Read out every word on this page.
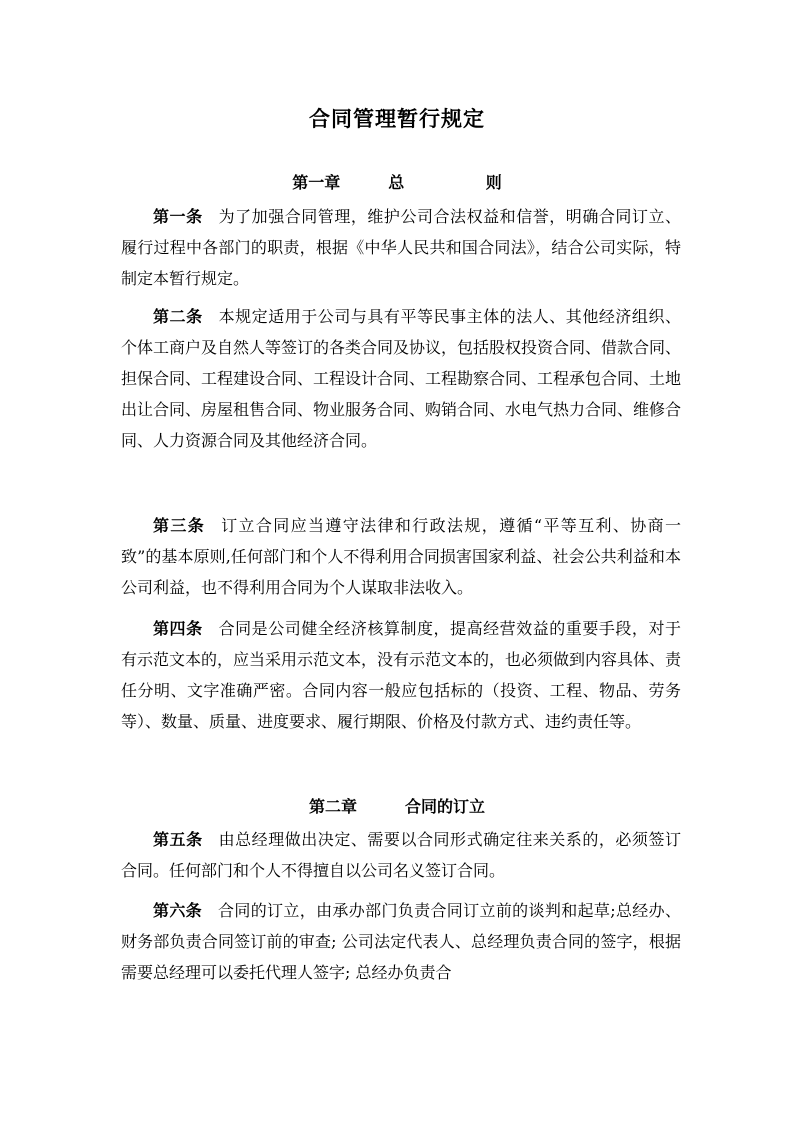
合同管理暂行规定
第一章	总 则

第一条 为了加强合同管理，维护公司合法权益和信誉，明确合同订立、履行过程中各部门的职责，根据《中华人民共和国合同法》，结合公司实际，特制定本暂行规定。

第二条 本规定适用于公司与具有平等民事主体的法人、其他经济组织、个体工商户及自然人等签订的各类合同及协议，包括股权投资合同、借款合同、担保合同、工程建设合同、工程设计合同、工程勘察合同、工程承包合同、土地出让合同、房屋租售合同、物业服务合同、购销合同、水电气热力合同、维修合同、人力资源合同及其他经济合同。

第三条 订立合同应当遵守法律和行政法规，遵循“平等互利、协商一致”的基本原则,任何部门和个人不得利用合同损害国家利益、社会公共利益和本公司利益，也不得利用合同为个人谋取非法收入。

第四条 合同是公司健全经济核算制度，提高经营效益的重要手段，对于有示范文本的，应当采用示范文本，没有示范文本的，也必须做到内容具体、责任分明、文字准确严密。合同内容一般应包括标的（投资、工程、物品、劳务等）、数量、质量、进度要求、履行期限、价格及付款方式、违约责任等。

第二章	合同的订立

第五条 由总经理做出决定、需要以合同形式确定往来关系的，必须签订合同。任何部门和个人不得擅自以公司名义签订合同。

第六条 合同的订立，由承办部门负责合同订立前的谈判和起草;总经办、财务部负责合同签订前的审查; 公司法定代表人、总经理负责合同的签字，根据需要总经理可以委托代理人签字; 总经办负责合
